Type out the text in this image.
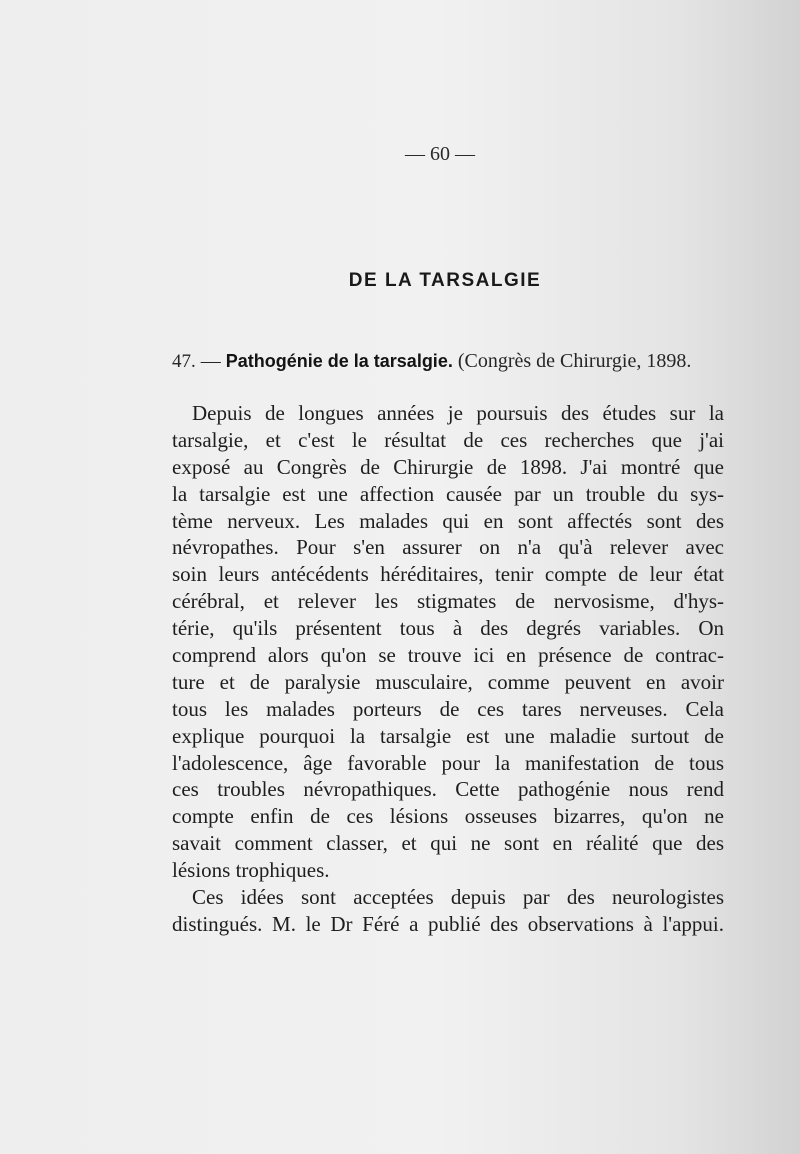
— 60 —
DE LA TARSALGIE
47. — Pathogénie de la tarsalgie. (Congrès de Chirurgie, 1898.
Depuis de longues années je poursuis des études sur la
tarsalgie, et c'est le résultat de ces recherches que j'ai
exposé au Congrès de Chirurgie de 1898. J'ai montré que
la tarsalgie est une affection causée par un trouble du sys-
tème nerveux. Les malades qui en sont affectés sont des
névropathes. Pour s'en assurer on n'a qu'à relever avec
soin leurs antécédents héréditaires, tenir compte de leur état
cérébral, et relever les stigmates de nervosisme, d'hys-
térie, qu'ils présentent tous à des degrés variables. On
comprend alors qu'on se trouve ici en présence de contrac-
ture et de paralysie musculaire, comme peuvent en avoir
tous les malades porteurs de ces tares nerveuses. Cela
explique pourquoi la tarsalgie est une maladie surtout de
l'adolescence, âge favorable pour la manifestation de tous
ces troubles névropathiques. Cette pathogénie nous rend
compte enfin de ces lésions osseuses bizarres, qu'on ne
savait comment classer, et qui ne sont en réalité que des
lésions trophiques.
Ces idées sont acceptées depuis par des neurologistes
distingués. M. le Dr Féré a publié des observations à l'appui.
